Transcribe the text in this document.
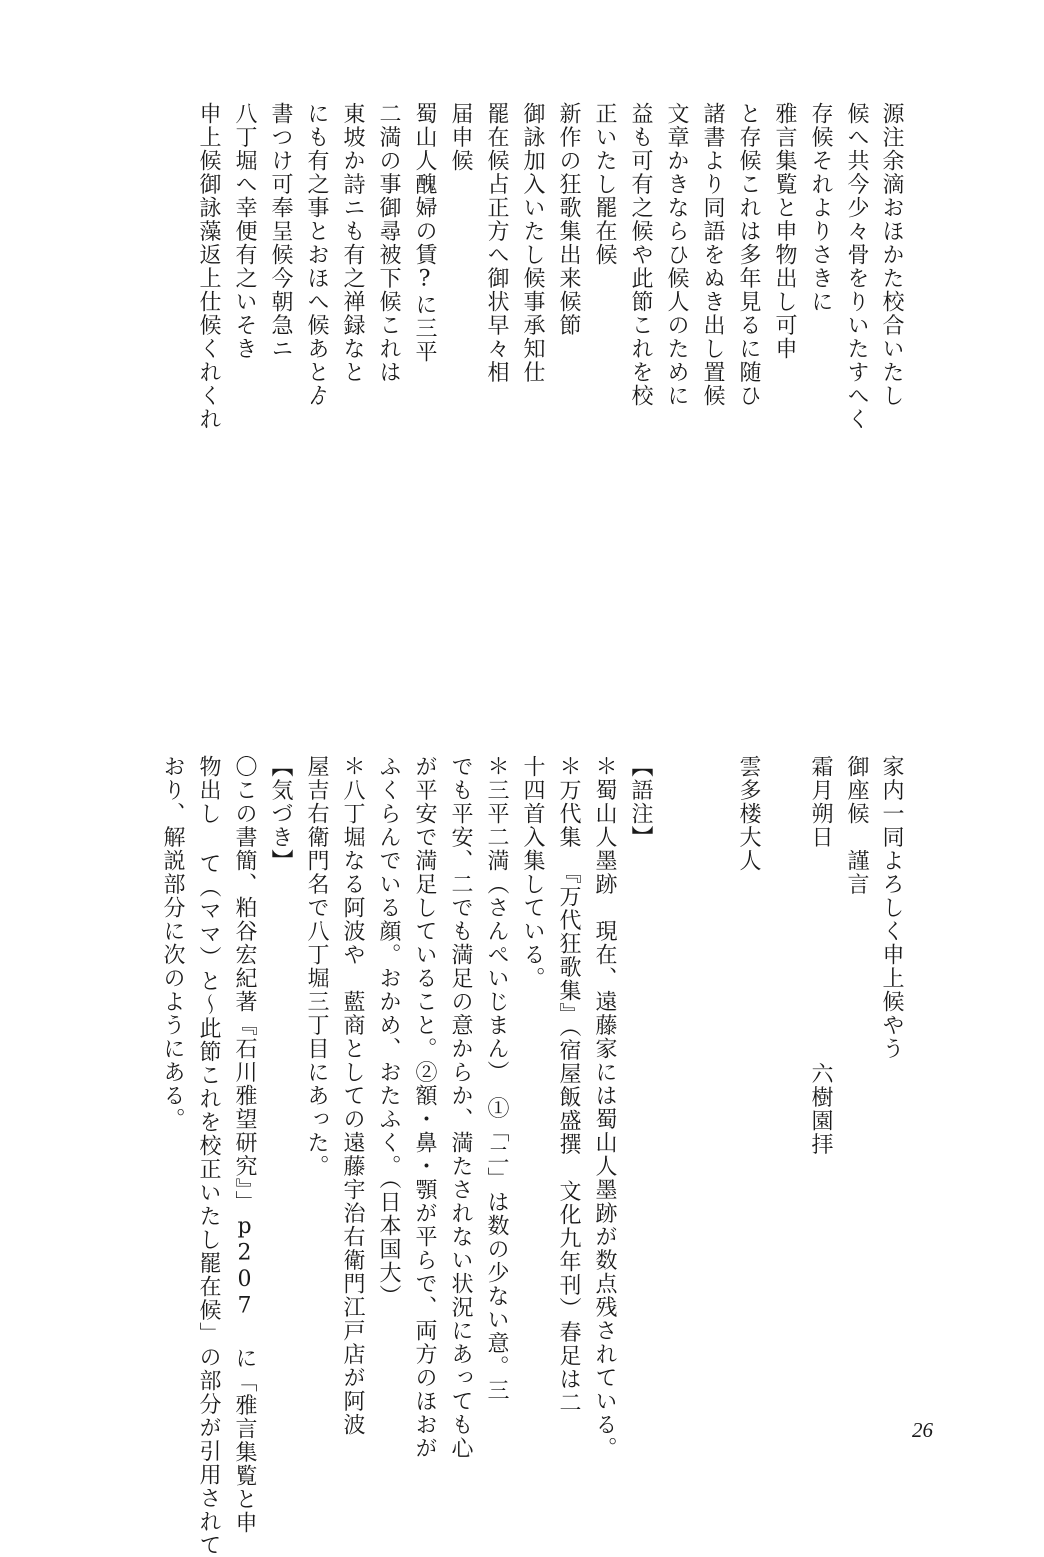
源注余滴おほかた校合いたし
候へ共今少々骨をりいたすへく
存候それよりさきに
雅言集覧と申物出し可申
と存候これは多年見るに随ひ
諸書より同語をぬき出し置候
文章かきならひ候人のために
益も可有之候や此節これを校
正いたし罷在候
新作の狂歌集出来候節
御詠加入いたし候事承知仕
罷在候占正方へ御状早々相
届申候
蜀山人醜婦の賃?に三平
二満の事御尋被下候これは
東坡か詩ニも有之禅録なと
にも有之事とおほへ候あとゟ
書つけ可奉呈候今朝急ニ
八丁堀へ幸便有之いそき
申上候御詠藻返上仕候くれくれ
家内一同よろしく申上候やう
御座候　謹言
霜月朔日
雲多楼大人
【語注】
＊蜀山人墨跡　現在、遠藤家には蜀山人墨跡が数点残されている。
＊万代集　『万代狂歌集』（宿屋飯盛撰　文化九年刊）春足は二
十四首入集している。
＊三平二満（さんぺいじまん）　①「二」は数の少ない意。三
でも平安、二でも満足の意からか、満たされない状況にあっても心
が平安で満足していること。②額・鼻・顎が平らで、両方のほおが
ふくらんでいる顔。おかめ、おたふく。（日本国大）
＊八丁堀なる阿波や　藍商としての遠藤宇治右衛門江戸店が阿波
屋吉右衛門名で八丁堀三丁目にあった。
【気づき】
〇この書簡、粕谷宏紀著『石川雅望研究』」p207 に「雅言集覧と申
物出し て（ママ）と〜此節これを校正いたし罷在候」の部分が引用されて
おり、解説部分に次のようにある。	六樹園拝
26
